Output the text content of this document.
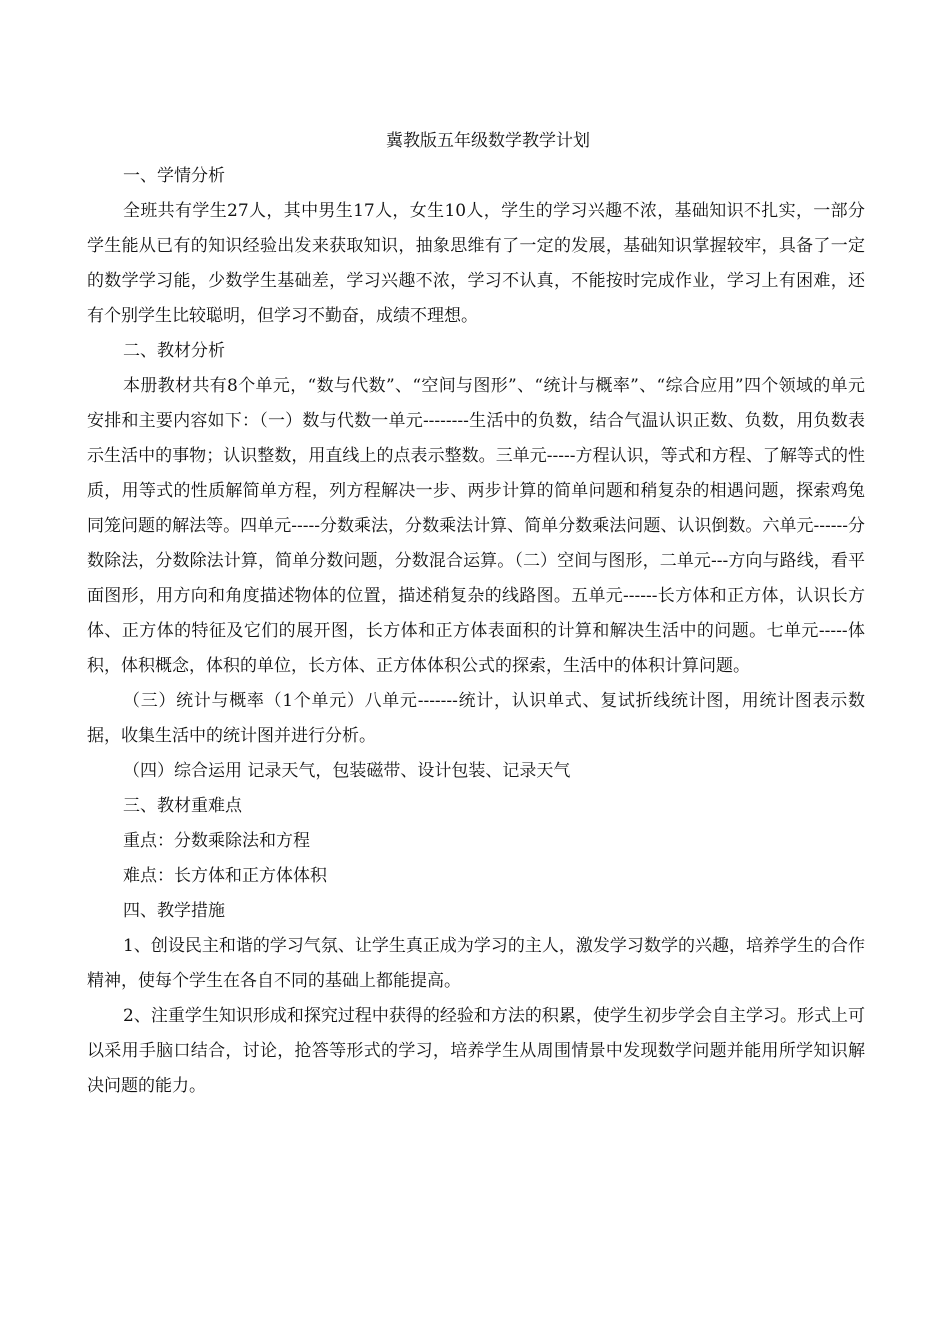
冀教版五年级数学教学计划

一、学情分析

全班共有学生27人，其中男生17人，女生10人，学生的学习兴趣不浓，基础知识不扎实，一部分学生能从已有的知识经验出发来获取知识，抽象思维有了一定的发展，基础知识掌握较牢，具备了一定的数学学习能，少数学生基础差，学习兴趣不浓，学习不认真，不能按时完成作业，学习上有困难，还有个别学生比较聪明，但学习不勤奋，成绩不理想。

二、教材分析

本册教材共有8个单元，“数与代数”、“空间与图形”、“统计与概率”、“综合应用”四个领域的单元安排和主要内容如下：（一）数与代数一单元--------生活中的负数，结合气温认识正数、负数，用负数表示生活中的事物；认识整数，用直线上的点表示整数。三单元-----方程认识，等式和方程、了解等式的性质，用等式的性质解简单方程，列方程解决一步、两步计算的简单问题和稍复杂的相遇问题，探索鸡兔同笼问题的解法等。四单元-----分数乘法，分数乘法计算、简单分数乘法问题、认识倒数。六单元------分数除法，分数除法计算，简单分数问题，分数混合运算。（二）空间与图形，二单元---方向与路线，看平面图形，用方向和角度描述物体的位置，描述稍复杂的线路图。五单元------长方体和正方体，认识长方体、正方体的特征及它们的展开图，长方体和正方体表面积的计算和解决生活中的问题。七单元-----体积，体积概念，体积的单位，长方体、正方体体积公式的探索，生活中的体积计算问题。

（三）统计与概率（1个单元）八单元-------统计，认识单式、复试折线统计图，用统计图表示数据，收集生活中的统计图并进行分析。

（四）综合运用 记录天气，包装磁带、设计包装、记录天气

三、教材重难点

重点：分数乘除法和方程

难点：长方体和正方体体积

四、教学措施

1、创设民主和谐的学习气氛、让学生真正成为学习的主人，激发学习数学的兴趣，培养学生的合作精神，使每个学生在各自不同的基础上都能提高。

2、注重学生知识形成和探究过程中获得的经验和方法的积累，使学生初步学会自主学习。形式上可以采用手脑口结合，讨论，抢答等形式的学习，培养学生从周围情景中发现数学问题并能用所学知识解决问题的能力。
